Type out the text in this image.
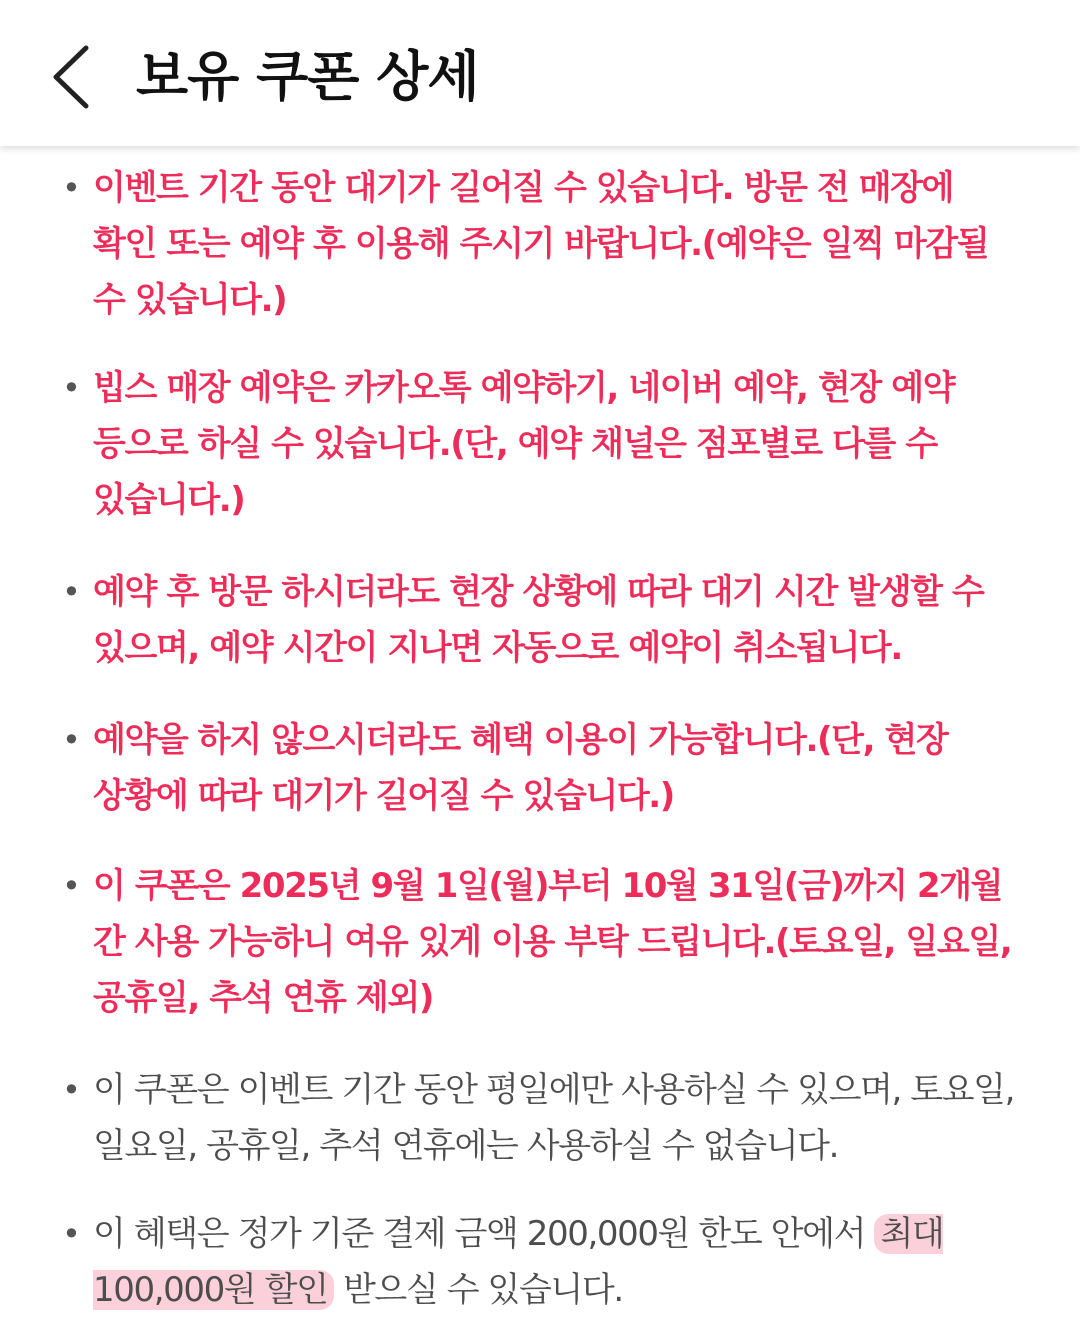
보유 쿠폰 상세
• 이벤트 기간 동안 대기가 길어질 수 있습니다. 방문 전 매장에 확인 또는 예약 후 이용해 주시기 바랍니다.(예약은 일찍 마감될 수 있습니다.)
• 빕스 매장 예약은 카카오톡 예약하기, 네이버 예약, 현장 예약 등으로 하실 수 있습니다.(단, 예약 채널은 점포별로 다를 수 있습니다.)
• 예약 후 방문 하시더라도 현장 상황에 따라 대기 시간 발생할 수 있으며, 예약 시간이 지나면 자동으로 예약이 취소됩니다.
• 예약을 하지 않으시더라도 혜택 이용이 가능합니다.(단, 현장 상황에 따라 대기가 길어질 수 있습니다.)
• 이 쿠폰은 2025년 9월 1일(월)부터 10월 31일(금)까지 2개월 간 사용 가능하니 여유 있게 이용 부탁 드립니다.(토요일, 일요일, 공휴일, 추석 연휴 제외)
• 이 쿠폰은 이벤트 기간 동안 평일에만 사용하실 수 있으며, 토요일, 일요일, 공휴일, 추석 연휴에는 사용하실 수 없습니다.
• 이 혜택은 정가 기준 결제 금액 200,000원 한도 안에서 최대 100,000원 할인 받으실 수 있습니다.
